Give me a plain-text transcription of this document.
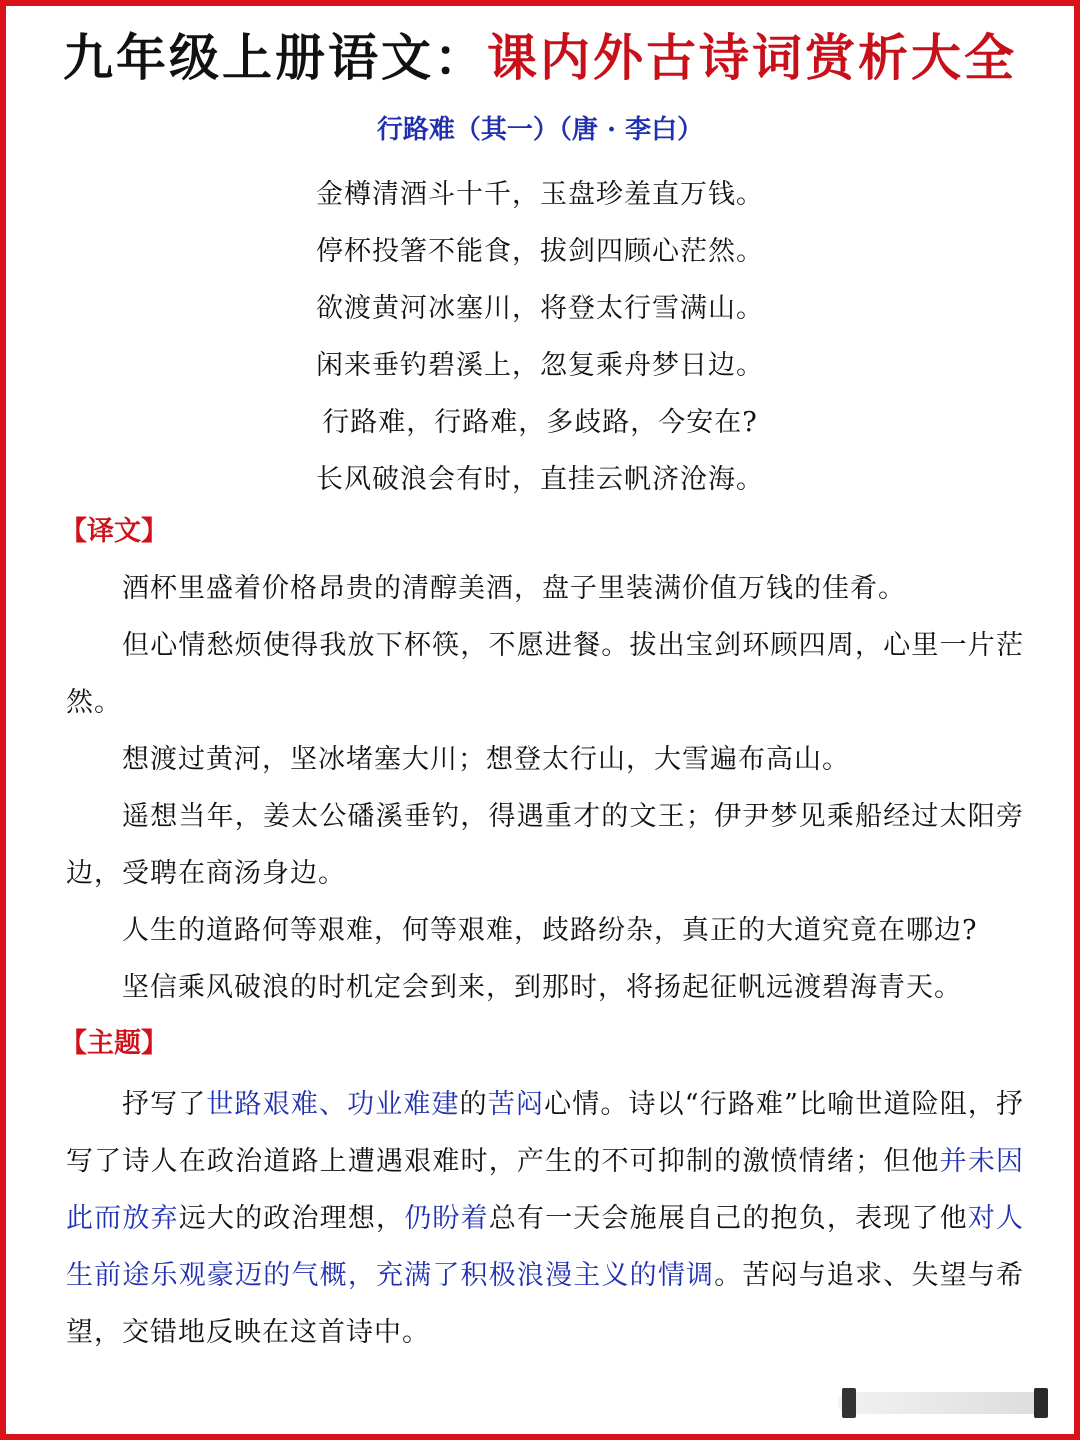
九年级上册语文：课内外古诗词赏析大全
行路难（其一）（唐 · 李白）
金樽清酒斗十千，玉盘珍羞直万钱。
停杯投箸不能食，拔剑四顾心茫然。
欲渡黄河冰塞川，将登太行雪满山。
闲来垂钓碧溪上，忽复乘舟梦日边。
行路难，行路难，多歧路，今安在?
长风破浪会有时，直挂云帆济沧海。
【译文】
酒杯里盛着价格昂贵的清醇美酒，盘子里装满价值万钱的佳肴。
但心情愁烦使得我放下杯筷，不愿进餐。拔出宝剑环顾四周，心里一片茫然。
想渡过黄河，坚冰堵塞大川；想登太行山，大雪遍布高山。
遥想当年，姜太公磻溪垂钓，得遇重才的文王；伊尹梦见乘船经过太阳旁边，受聘在商汤身边。
人生的道路何等艰难，何等艰难，歧路纷杂，真正的大道究竟在哪边?
坚信乘风破浪的时机定会到来，到那时，将扬起征帆远渡碧海青天。
【主题】
抒写了世路艰难、功业难建的苦闷心情。诗以“行路难”比喻世道险阻，抒写了诗人在政治道路上遭遇艰难时，产生的不可抑制的激愤情绪；但他并未因此而放弃远大的政治理想，仍盼着总有一天会施展自己的抱负，表现了他对人生前途乐观豪迈的气概，充满了积极浪漫主义的情调。苦闷与追求、失望与希望，交错地反映在这首诗中。
